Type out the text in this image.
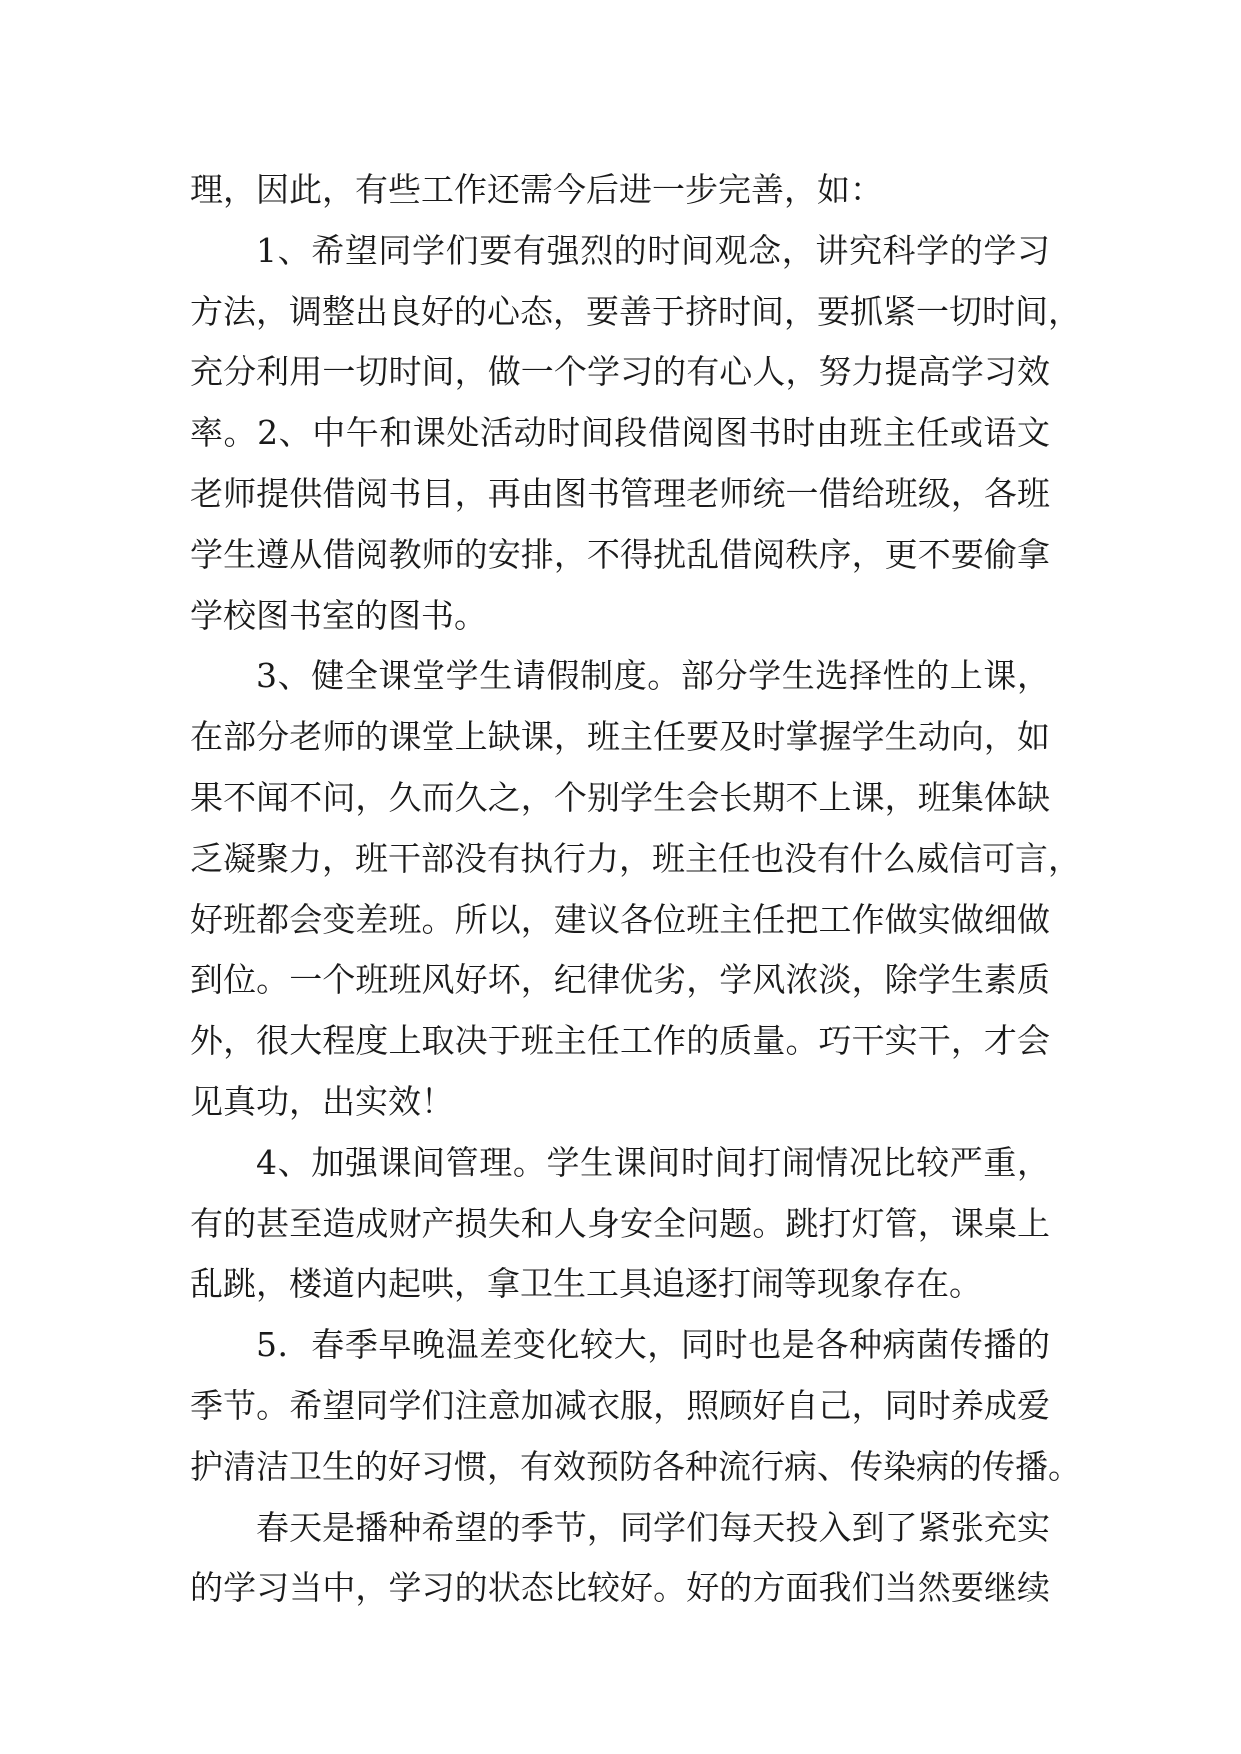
理，因此，有些工作还需今后进一步完善，如：
1、希望同学们要有强烈的时间观念，讲究科学的学习
方法，调整出良好的心态，要善于挤时间，要抓紧一切时间，
充分利用一切时间，做一个学习的有心人，努力提高学习效
率。2、中午和课处活动时间段借阅图书时由班主任或语文
老师提供借阅书目，再由图书管理老师统一借给班级，各班
学生遵从借阅教师的安排，不得扰乱借阅秩序，更不要偷拿
学校图书室的图书。
3、健全课堂学生请假制度。部分学生选择性的上课，
在部分老师的课堂上缺课，班主任要及时掌握学生动向，如
果不闻不问，久而久之，个别学生会长期不上课，班集体缺
乏凝聚力，班干部没有执行力，班主任也没有什么威信可言，
好班都会变差班。所以，建议各位班主任把工作做实做细做
到位。一个班班风好坏，纪律优劣，学风浓淡，除学生素质
外，很大程度上取决于班主任工作的质量。巧干实干，才会
见真功，出实效！
4、加强课间管理。学生课间时间打闹情况比较严重，
有的甚至造成财产损失和人身安全问题。跳打灯管，课桌上
乱跳，楼道内起哄，拿卫生工具追逐打闹等现象存在。
5．春季早晚温差变化较大，同时也是各种病菌传播的
季节。希望同学们注意加减衣服，照顾好自己，同时养成爱
护清洁卫生的好习惯，有效预防各种流行病、传染病的传播。
春天是播种希望的季节，同学们每天投入到了紧张充实
的学习当中，学习的状态比较好。好的方面我们当然要继续
